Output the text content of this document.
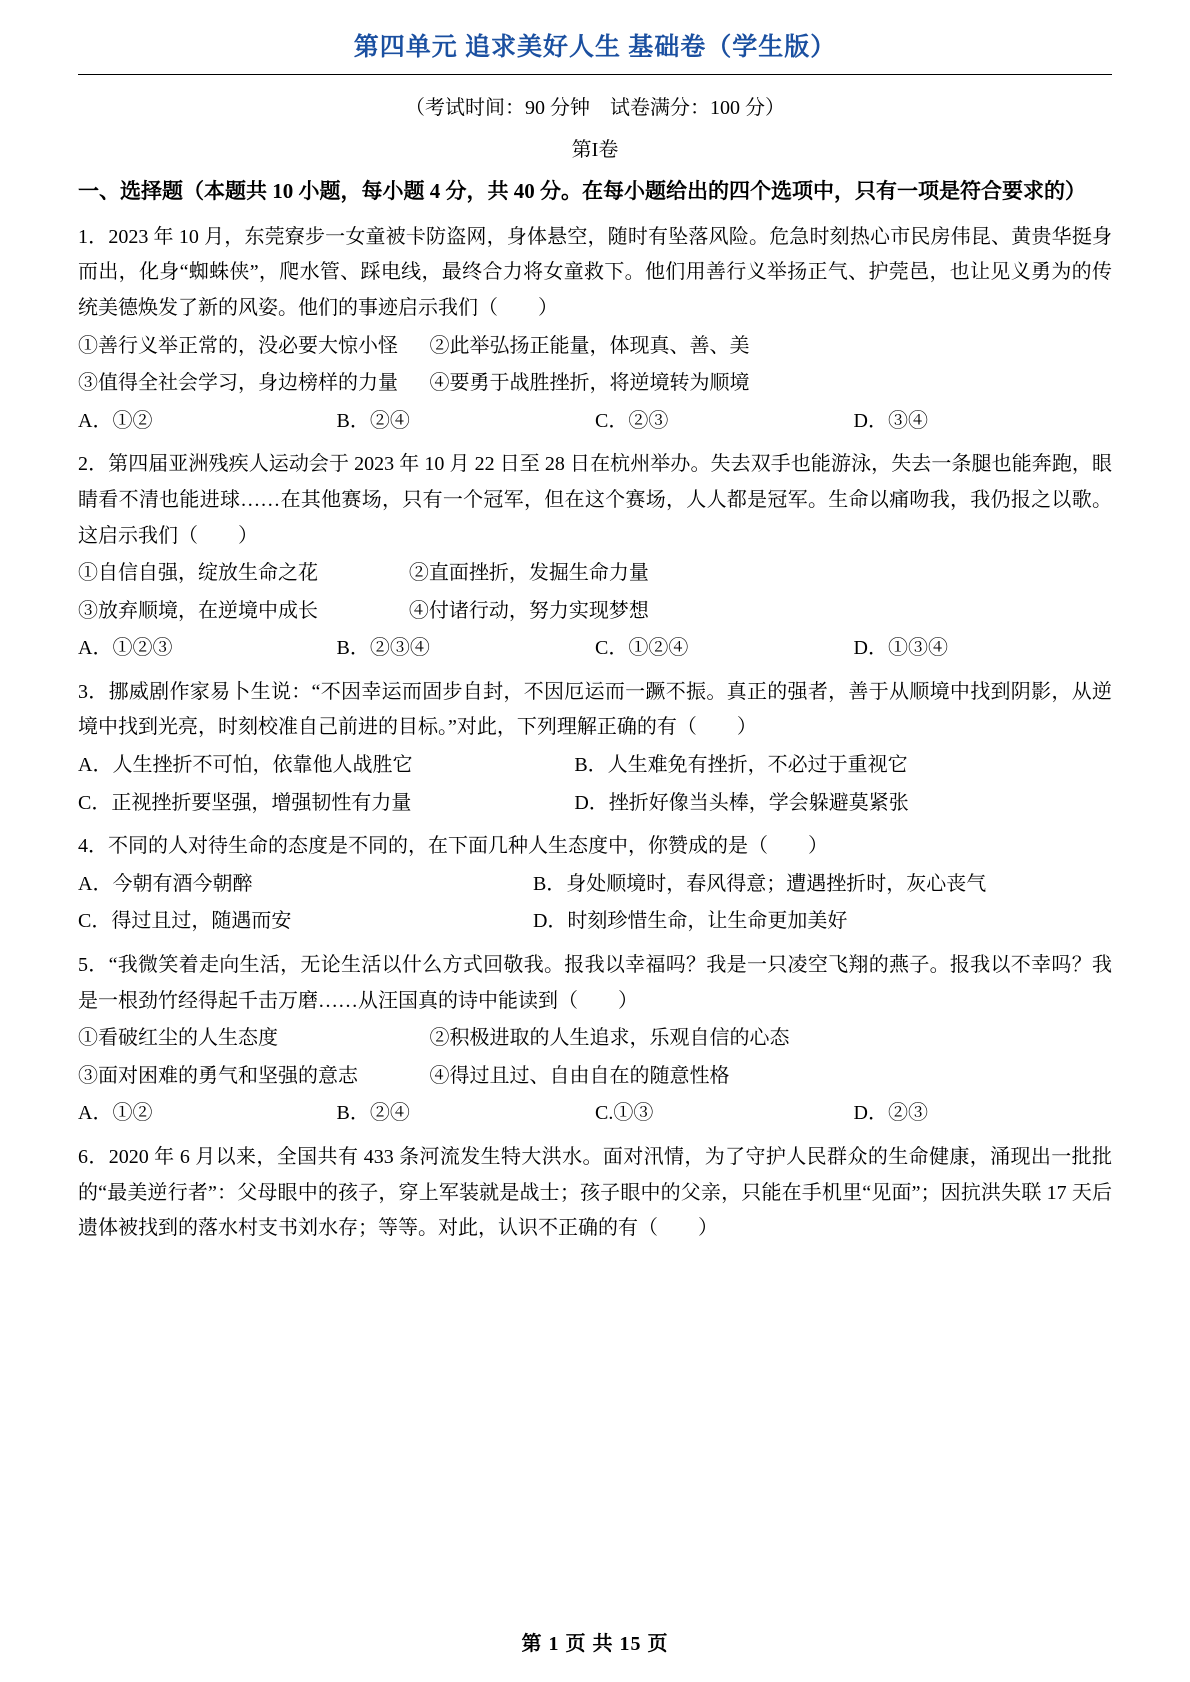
第四单元 追求美好人生 基础卷（学生版）
（考试时间：90 分钟　试卷满分：100 分）
第I卷
一、选择题（本题共 10 小题，每小题 4 分，共 40 分。在每小题给出的四个选项中，只有一项是符合要求的）
1．2023 年 10 月，东莞寮步一女童被卡防盗网，身体悬空，随时有坠落风险。危急时刻热心市民房伟昆、黄贵华挺身而出，化身“蜘蛛侠”，爬水管、踩电线，最终合力将女童救下。他们用善行义举扬正气、护莞邑，也让见义勇为的传统美德焕发了新的风姿。他们的事迹启示我们（　　）
①善行义举正常的，没必要大惊小怪	②此举弘扬正能量，体现真、善、美
③值得全社会学习，身边榜样的力量	④要勇于战胜挫折，将逆境转为顺境
A．①②	B．②④	C．②③	D．③④
2．第四届亚洲残疾人运动会于 2023 年 10 月 22 日至 28 日在杭州举办。失去双手也能游泳，失去一条腿也能奔跑，眼睛看不清也能进球……在其他赛场，只有一个冠军，但在这个赛场，人人都是冠军。生命以痛吻我，我仍报之以歌。这启示我们（　　）
①自信自强，绽放生命之花	②直面挫折，发掘生命力量
③放弃顺境，在逆境中成长	④付诸行动，努力实现梦想
A．①②③	B．②③④	C．①②④	D．①③④
3．挪威剧作家易卜生说：“不因幸运而固步自封，不因厄运而一蹶不振。真正的强者，善于从顺境中找到阴影，从逆境中找到光亮，时刻校准自己前进的目标。”对此，下列理解正确的有（　　）
A．人生挫折不可怕，依靠他人战胜它	B．人生难免有挫折，不必过于重视它
C．正视挫折要坚强，增强韧性有力量	D．挫折好像当头棒，学会躲避莫紧张
4．不同的人对待生命的态度是不同的，在下面几种人生态度中，你赞成的是（　　）
A．今朝有酒今朝醉	B．身处顺境时，春风得意；遭遇挫折时，灰心丧气
C．得过且过，随遇而安	D．时刻珍惜生命，让生命更加美好
5．“我微笑着走向生活，无论生活以什么方式回敬我。报我以幸福吗？我是一只凌空飞翔的燕子。报我以不幸吗？我是一根劲竹经得起千击万磨……从汪国真的诗中能读到（　　）
①看破红尘的人生态度	②积极进取的人生追求，乐观自信的心态
③面对困难的勇气和坚强的意志	④得过且过、自由自在的随意性格
A．①②	B．②④	C.①③	D．②③
6．2020 年 6 月以来，全国共有 433 条河流发生特大洪水。面对汛情，为了守护人民群众的生命健康，涌现出一批批的“最美逆行者”：父母眼中的孩子，穿上军装就是战士；孩子眼中的父亲，只能在手机里“见面”；因抗洪失联 17 天后遗体被找到的落水村支书刘水存；等等。对此，认识不正确的有（　　）
第 1 页 共 15 页
